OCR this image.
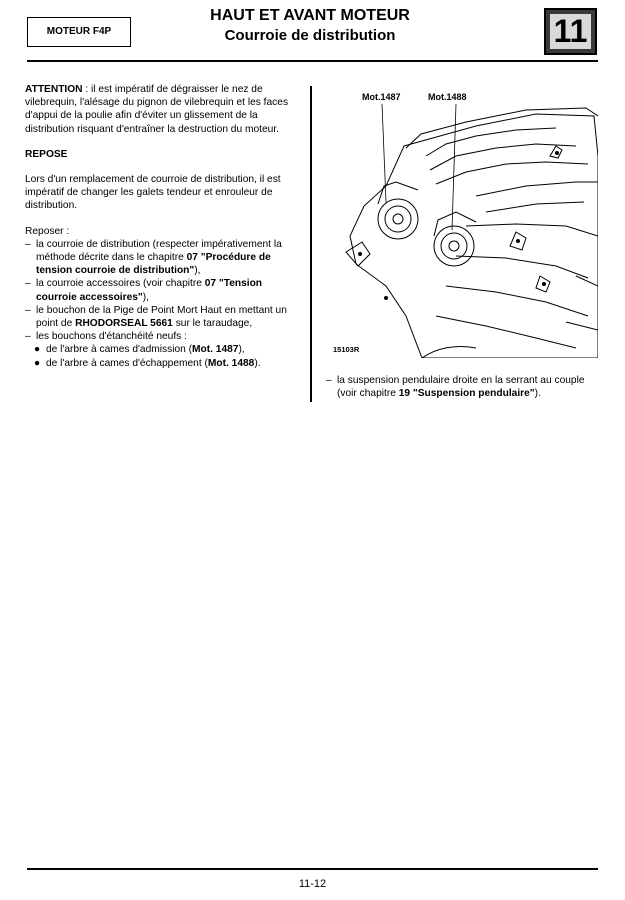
MOTEUR F4P
HAUT ET AVANT MOTEUR
Courroie de distribution	11

ATTENTION : il est impératif de dégraisser le nez de vilebrequin, l'alésage du pignon de vilebrequin et les faces d'appui de la poulie afin d'éviter un glissement de la distribution risquant d'entraîner la destruction du moteur.

REPOSE

Lors d'un remplacement de courroie de distribution, il est impératif de changer les galets tendeur et enrouleur de distribution.

Reposer :
– la courroie de distribution (respecter impérativement la méthode décrite dans le chapitre 07 "Procédure de tension courroie de distribution"),
– la courroie accessoires (voir chapitre 07 "Tension courroie accessoires"),
– le bouchon de la Pige de Point Mort Haut en mettant un point de RHODORSEAL 5661 sur le taraudage,
– les bouchons d'étanchéité neufs :
● de l'arbre à cames d'admission (Mot. 1487),
● de l'arbre à cames d'échappement (Mot. 1488).
Mot.1487	Mot.1488
15103R
– la suspension pendulaire droite en la serrant au couple (voir chapitre 19 "Suspension pendulaire").
11-12
